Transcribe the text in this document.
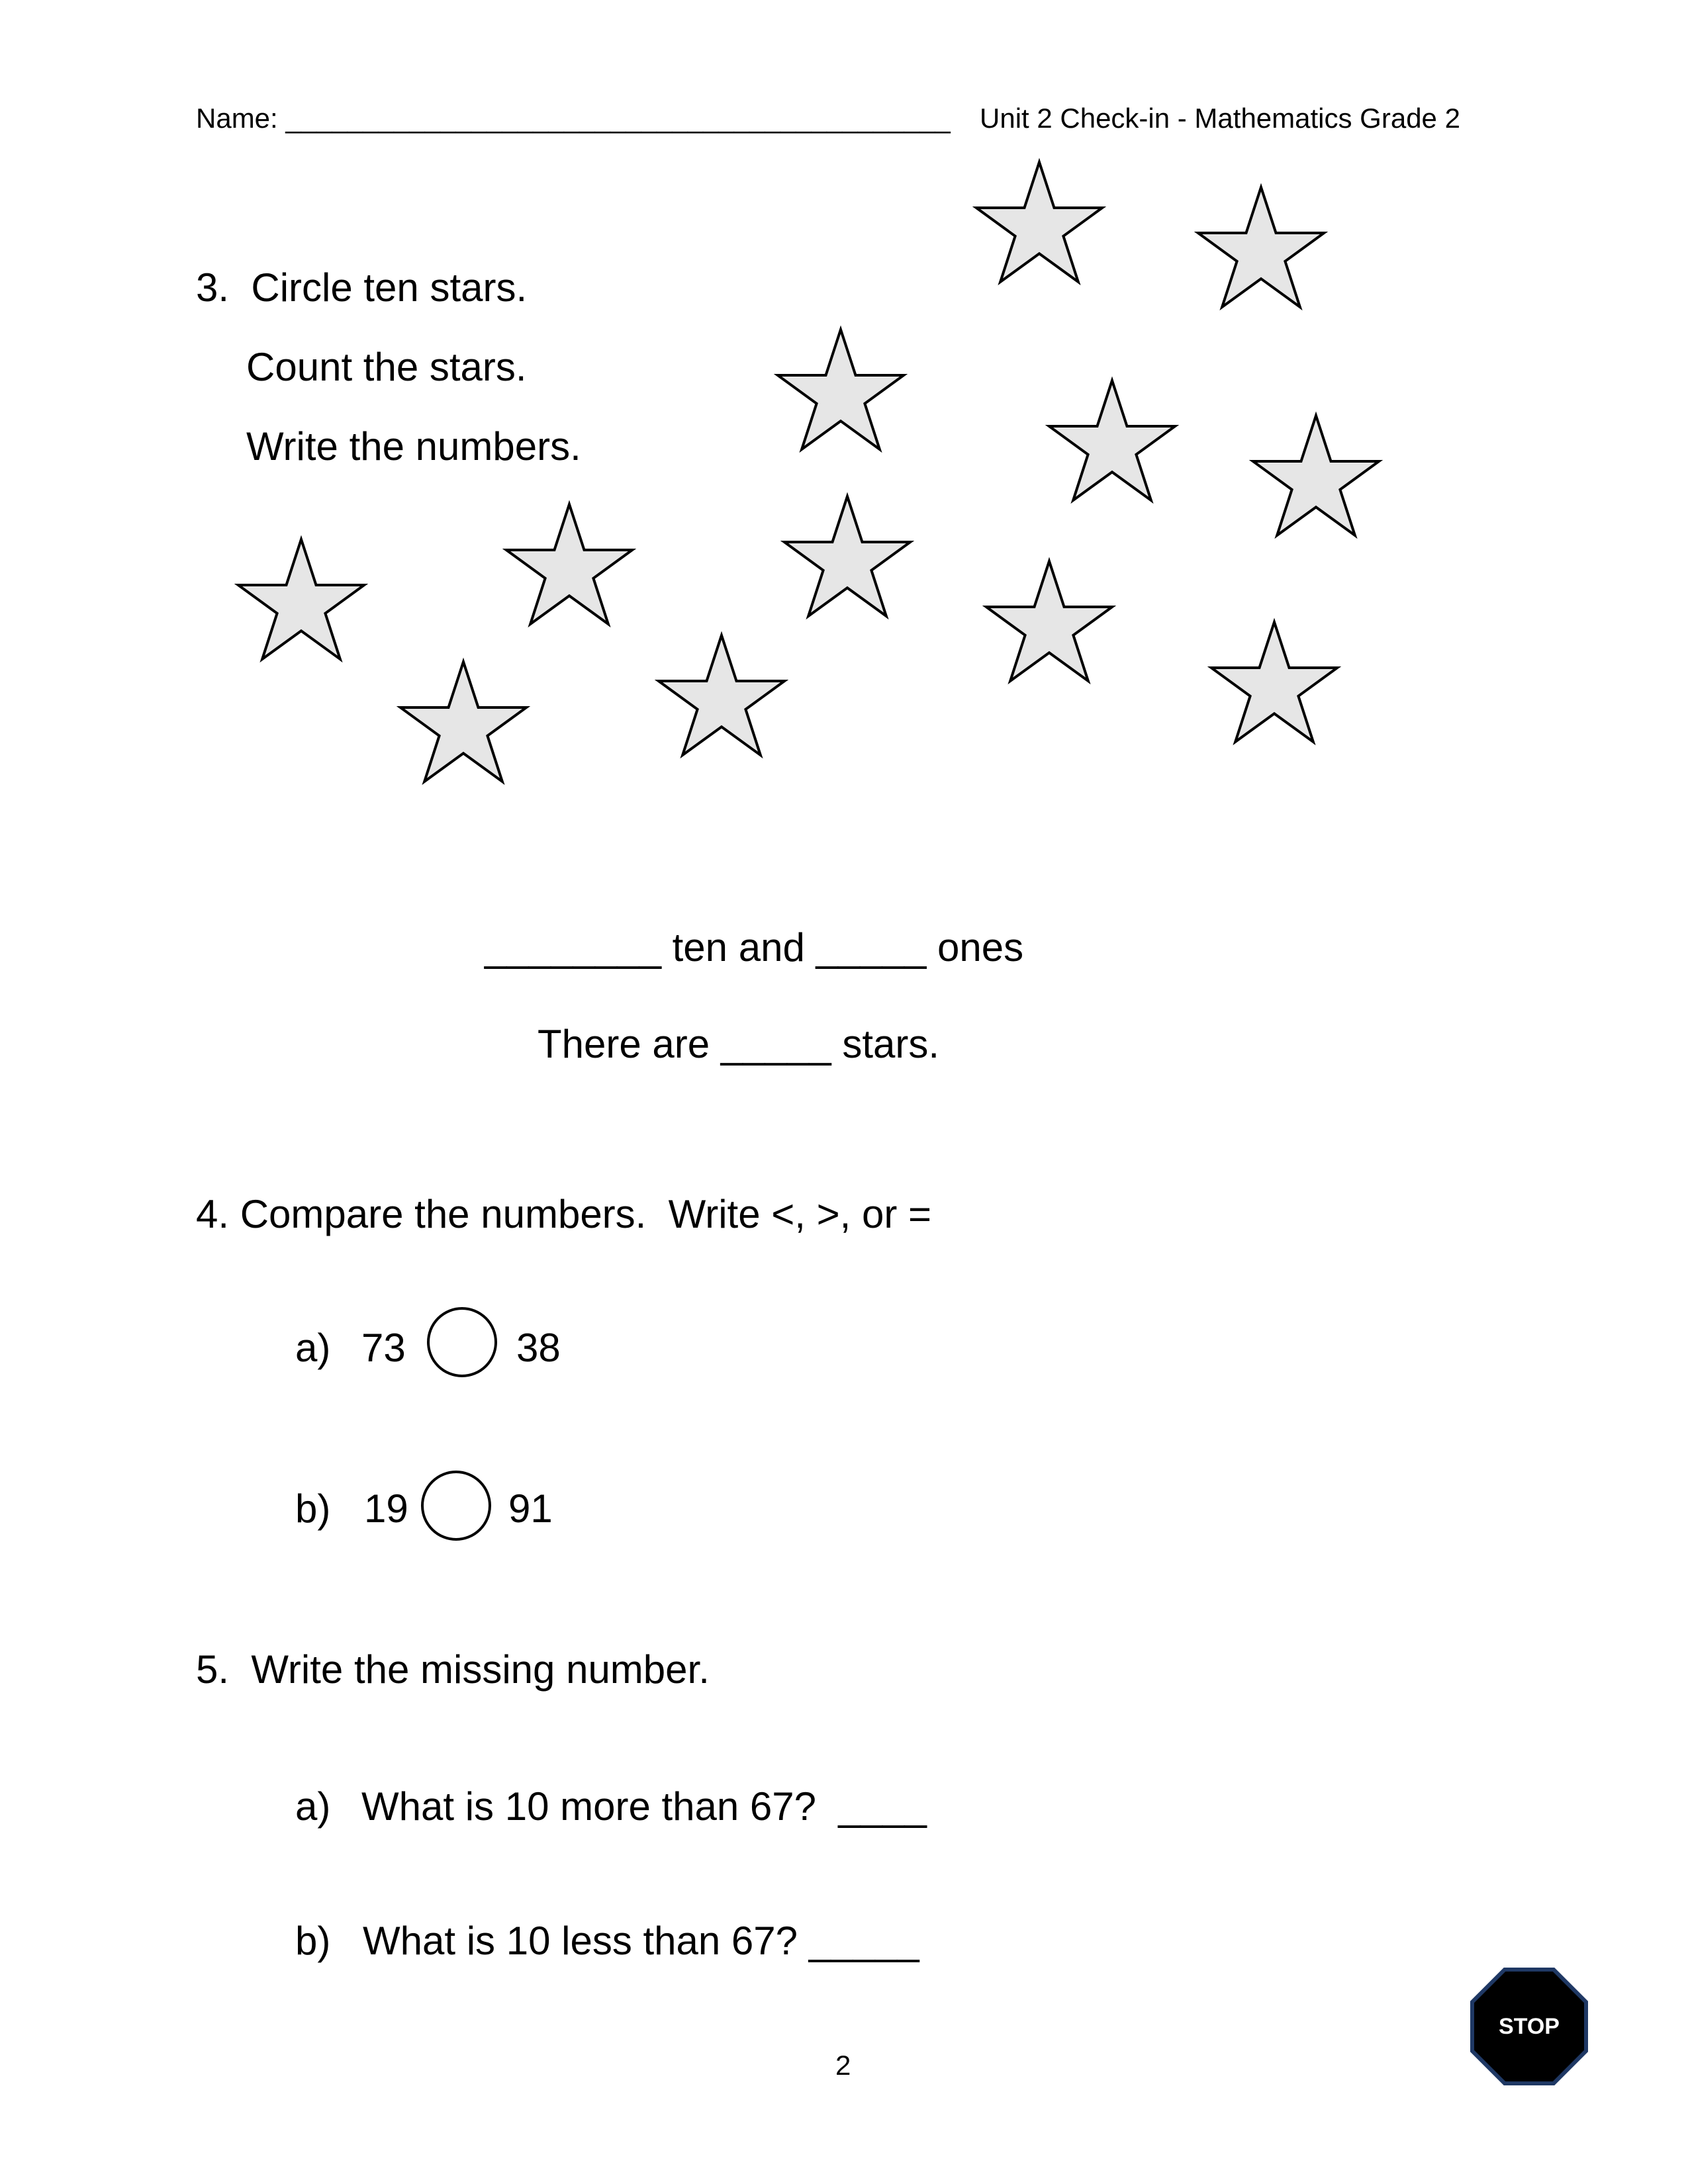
Name: ___________________________________________ Unit 2 Check-in - Mathematics Grade 2
3.  Circle ten stars.
Count the stars.
Write the numbers.
________ ten and _____ ones
There are _____ stars.
4. Compare the numbers.  Write <, >, or =
a) 73	38
b) 19	91
5.  Write the missing number.
a) What is 10 more than 67?  ____
b) What is 10 less than 67? _____
STOP
2
